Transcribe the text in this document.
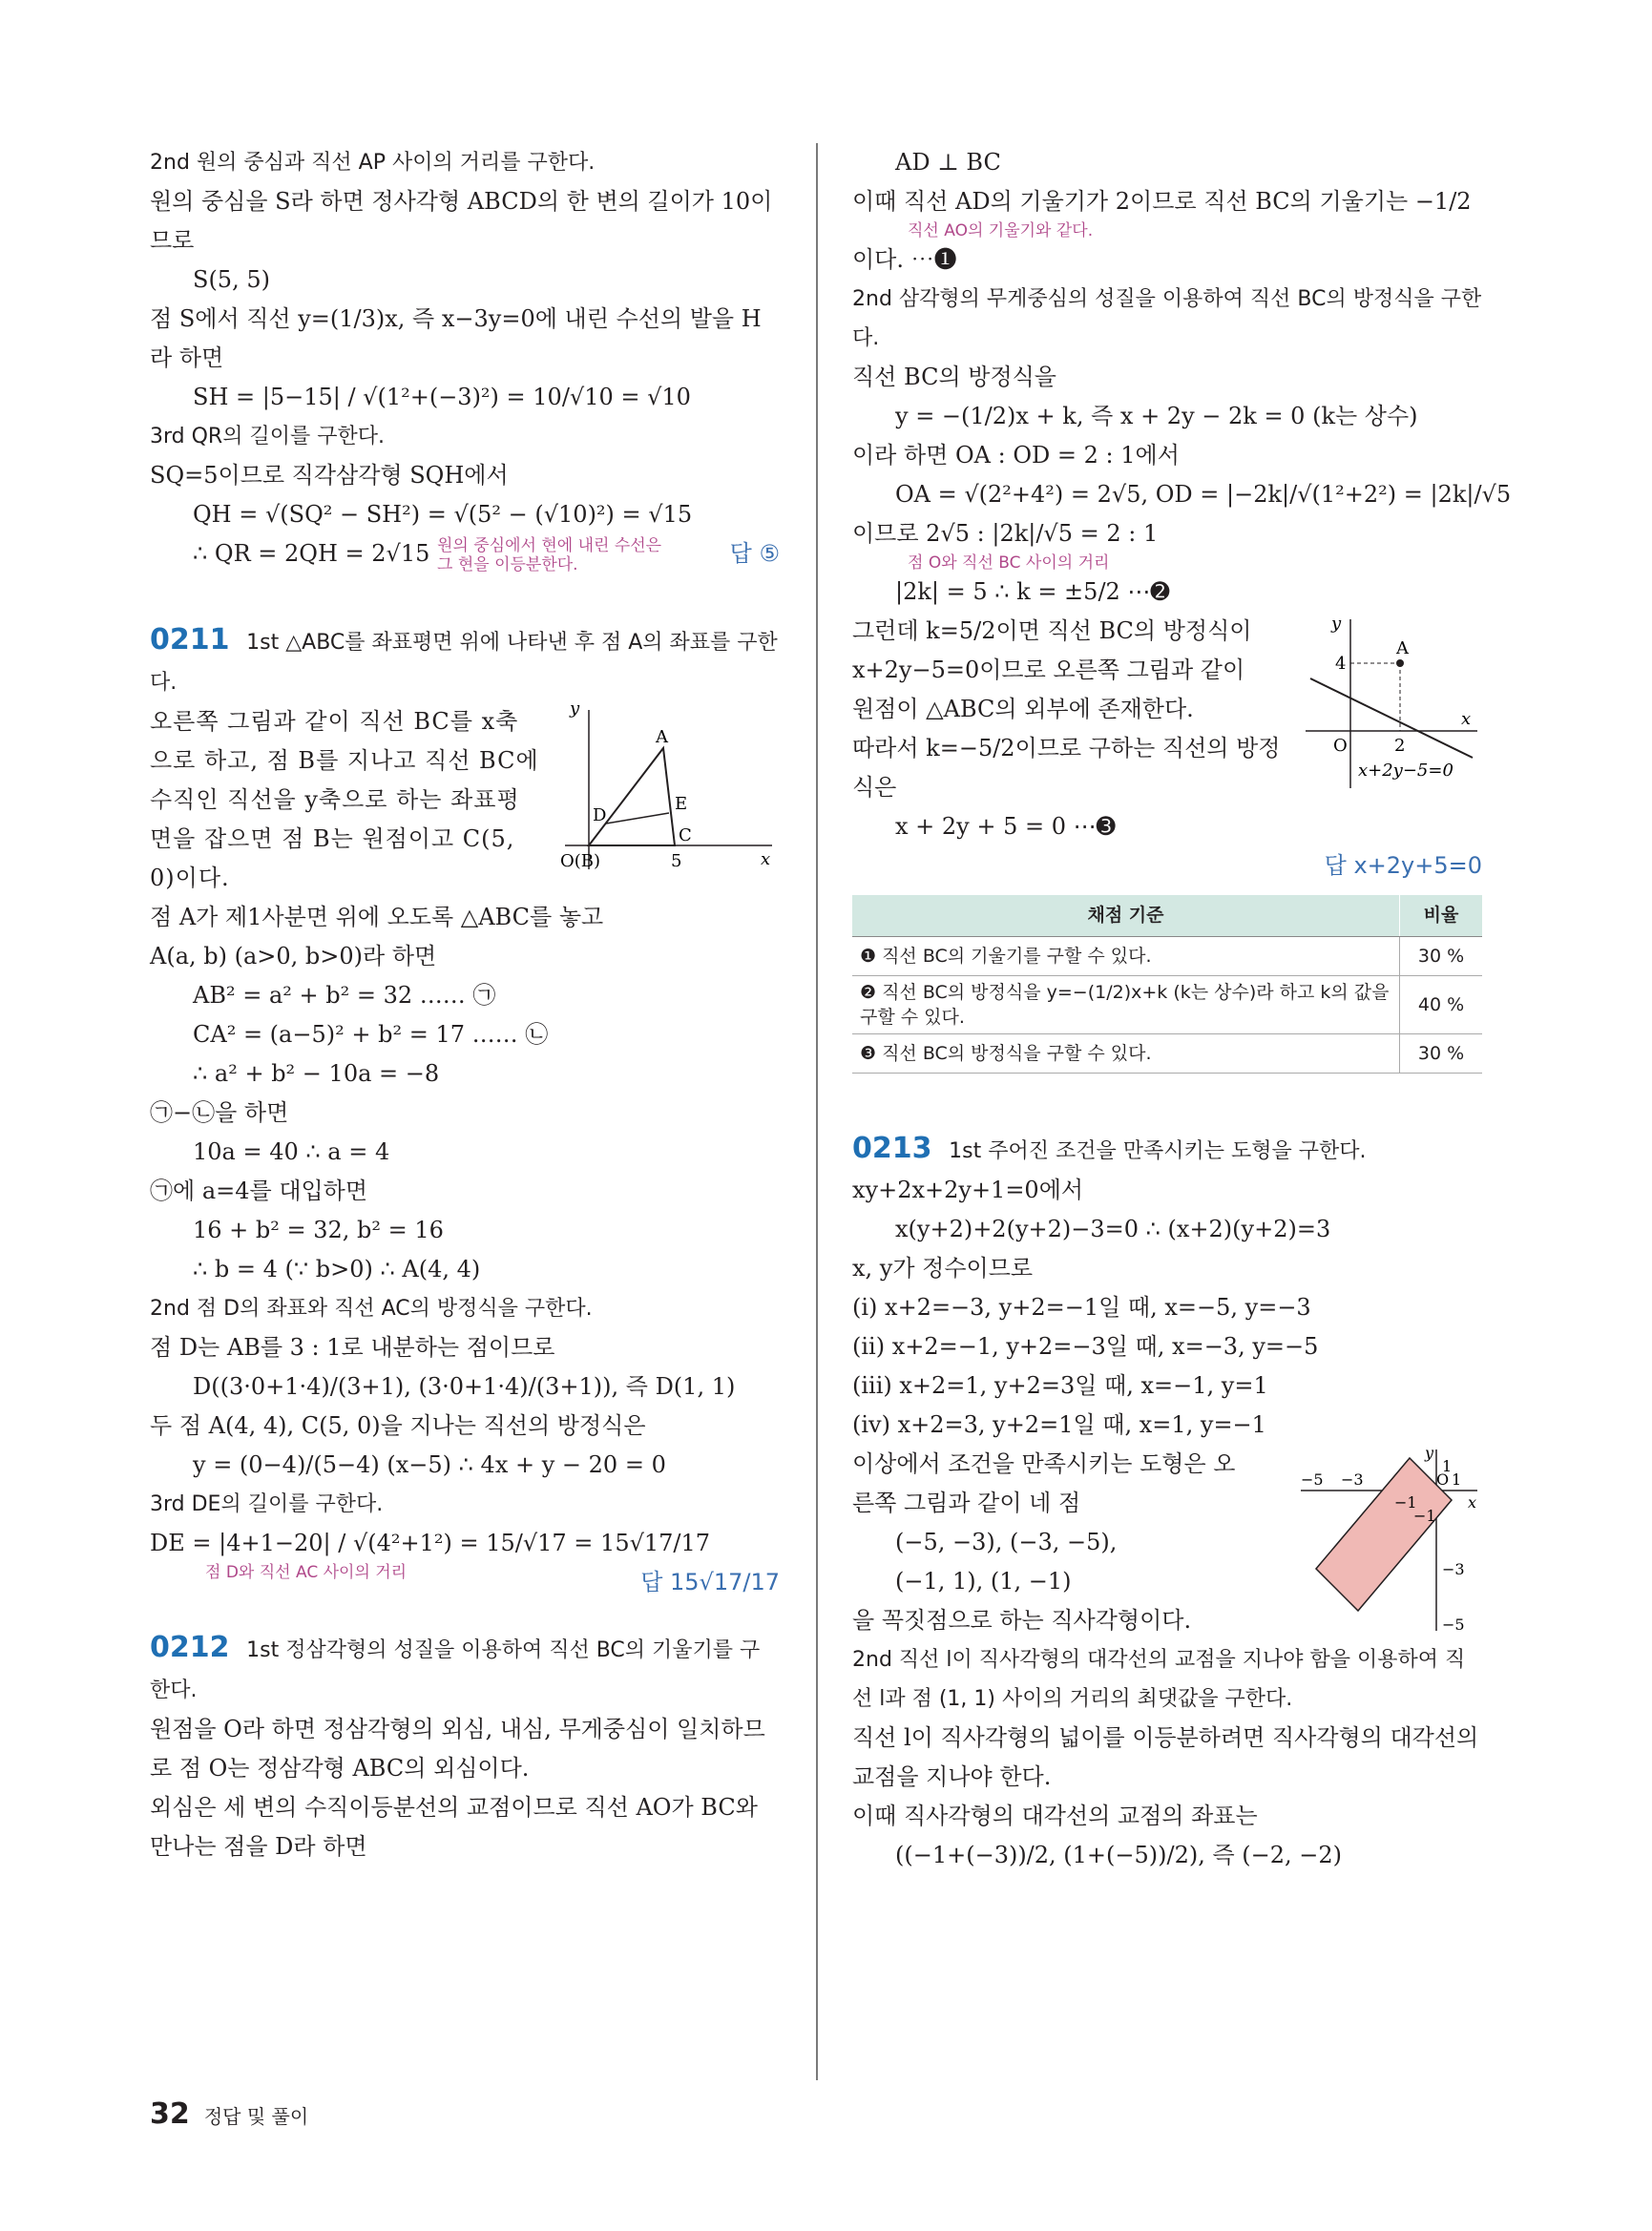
2nd 원의 중심과 직선 AP 사이의 거리를 구한다.
원의 중심을 S라 하면 정사각형 ABCD의 한 변의 길이가 10이므로
S(5, 5)
점 S에서 직선 y=(1/3)x, 즉 x−3y=0에 내린 수선의 발을 H라 하면
SH = |5−15| / √(1²+(−3)²) = 10/√10 = √10
3rd QR의 길이를 구한다.
SQ=5이므로 직각삼각형 SQH에서
QH = √(SQ² − SH²) = √(5² − (√10)²) = √15
∴ QR = 2QH = 2√15 원의 중심에서 현에 내린 수선은 그 현을 이등분한다.	답 ⑤
0211 1st △ABC를 좌표평면 위에 나타낸 후 점 A의 좌표를 구한다.
y
x
O(B)
A
D
E
C
5
오른쪽 그림과 같이 직선 BC를 x축으로 하고, 점 B를 지나고 직선 BC에 수직인 직선을 y축으로 하는 좌표평면을 잡으면 점 B는 원점이고 C(5, 0)이다.
점 A가 제1사분면 위에 오도록 △ABC를 놓고
A(a, b) (a>0, b>0)라 하면
AB² = a² + b² = 32 …… ㉠
CA² = (a−5)² + b² = 17 …… ㉡
∴ a² + b² − 10a = −8
㉠−㉡을 하면
10a = 40 ∴ a = 4
㉠에 a=4를 대입하면
16 + b² = 32, b² = 16
∴ b = 4 (∵ b>0) ∴ A(4, 4)
2nd 점 D의 좌표와 직선 AC의 방정식을 구한다.
점 D는 AB를 3 : 1로 내분하는 점이므로
D((3·0+1·4)/(3+1), (3·0+1·4)/(3+1)), 즉 D(1, 1)
두 점 A(4, 4), C(5, 0)을 지나는 직선의 방정식은
y = (0−4)/(5−4) (x−5) ∴ 4x + y − 20 = 0
3rd DE의 길이를 구한다.
DE = |4+1−20| / √(4²+1²) = 15/√17 = 15√17/17
답 15√17/17
점 D와 직선 AC 사이의 거리
0212 1st 정삼각형의 성질을 이용하여 직선 BC의 기울기를 구한다.
원점을 O라 하면 정삼각형의 외심, 내심, 무게중심이 일치하므로 점 O는 정삼각형 ABC의 외심이다.
외심은 세 변의 수직이등분선의 교점이므로 직선 AO가 BC와 만나는 점을 D라 하면
AD ⊥ BC
이때 직선 AD의 기울기가 2이므로 직선 BC의 기울기는 −1/2
직선 AO의 기울기와 같다.
이다. ⋯➊
2nd 삼각형의 무게중심의 성질을 이용하여 직선 BC의 방정식을 구한다.
직선 BC의 방정식을
y = −(1/2)x + k, 즉 x + 2y − 2k = 0 (k는 상수)
이라 하면 OA : OD = 2 : 1에서
OA = √(2²+4²) = 2√5, OD = |−2k|/√(1²+2²) = |2k|/√5
이므로 2√5 : |2k|/√5 = 2 : 1
점 O와 직선 BC 사이의 거리
|2k| = 5 ∴ k = ±5/2 ⋯➋
y
x
A
4
O	2
x+2y−5=0
그런데 k=5/2이면 직선 BC의 방정식이
x+2y−5=0이므로 오른쪽 그림과 같이
원점이 △ABC의 외부에 존재한다.
따라서 k=−5/2이므로 구하는 직선의 방정
식은
x + 2y + 5 = 0 ⋯➌
답 x+2y+5=0
채점 기준	비율
❶ 직선 BC의 기울기를 구할 수 있다.	30 %
❷ 직선 BC의 방정식을 y=−(1/2)x+k (k는 상수)라 하고 k의 값을 구할 수 있다.	40 %
❸ 직선 BC의 방정식을 구할 수 있다.	30 %
0213 1st 주어진 조건을 만족시키는 도형을 구한다.
xy+2x+2y+1=0에서
x(y+2)+2(y+2)−3=0 ∴ (x+2)(y+2)=3
x, y가 정수이므로
(i) x+2=−3, y+2=−1일 때, x=−5, y=−3
(ii) x+2=−1, y+2=−3일 때, x=−3, y=−5
(iii) x+2=1, y+2=3일 때, x=−1, y=1
(iv) x+2=3, y+2=1일 때, x=1, y=−1
y
x
−5 −3	O 1
−1
−1
−3
−5
1
이상에서 조건을 만족시키는 도형은 오
른쪽 그림과 같이 네 점
(−5, −3), (−3, −5),
(−1, 1), (1, −1)
을 꼭짓점으로 하는 직사각형이다.
2nd 직선 l이 직사각형의 대각선의 교점을 지나야 함을 이용하여 직선 l과 점 (1, 1) 사이의 거리의 최댓값을 구한다.
직선 l이 직사각형의 넓이를 이등분하려면 직사각형의 대각선의 교점을 지나야 한다.
이때 직사각형의 대각선의 교점의 좌표는
((−1+(−3))/2, (1+(−5))/2), 즉 (−2, −2)
32 정답 및 풀이
